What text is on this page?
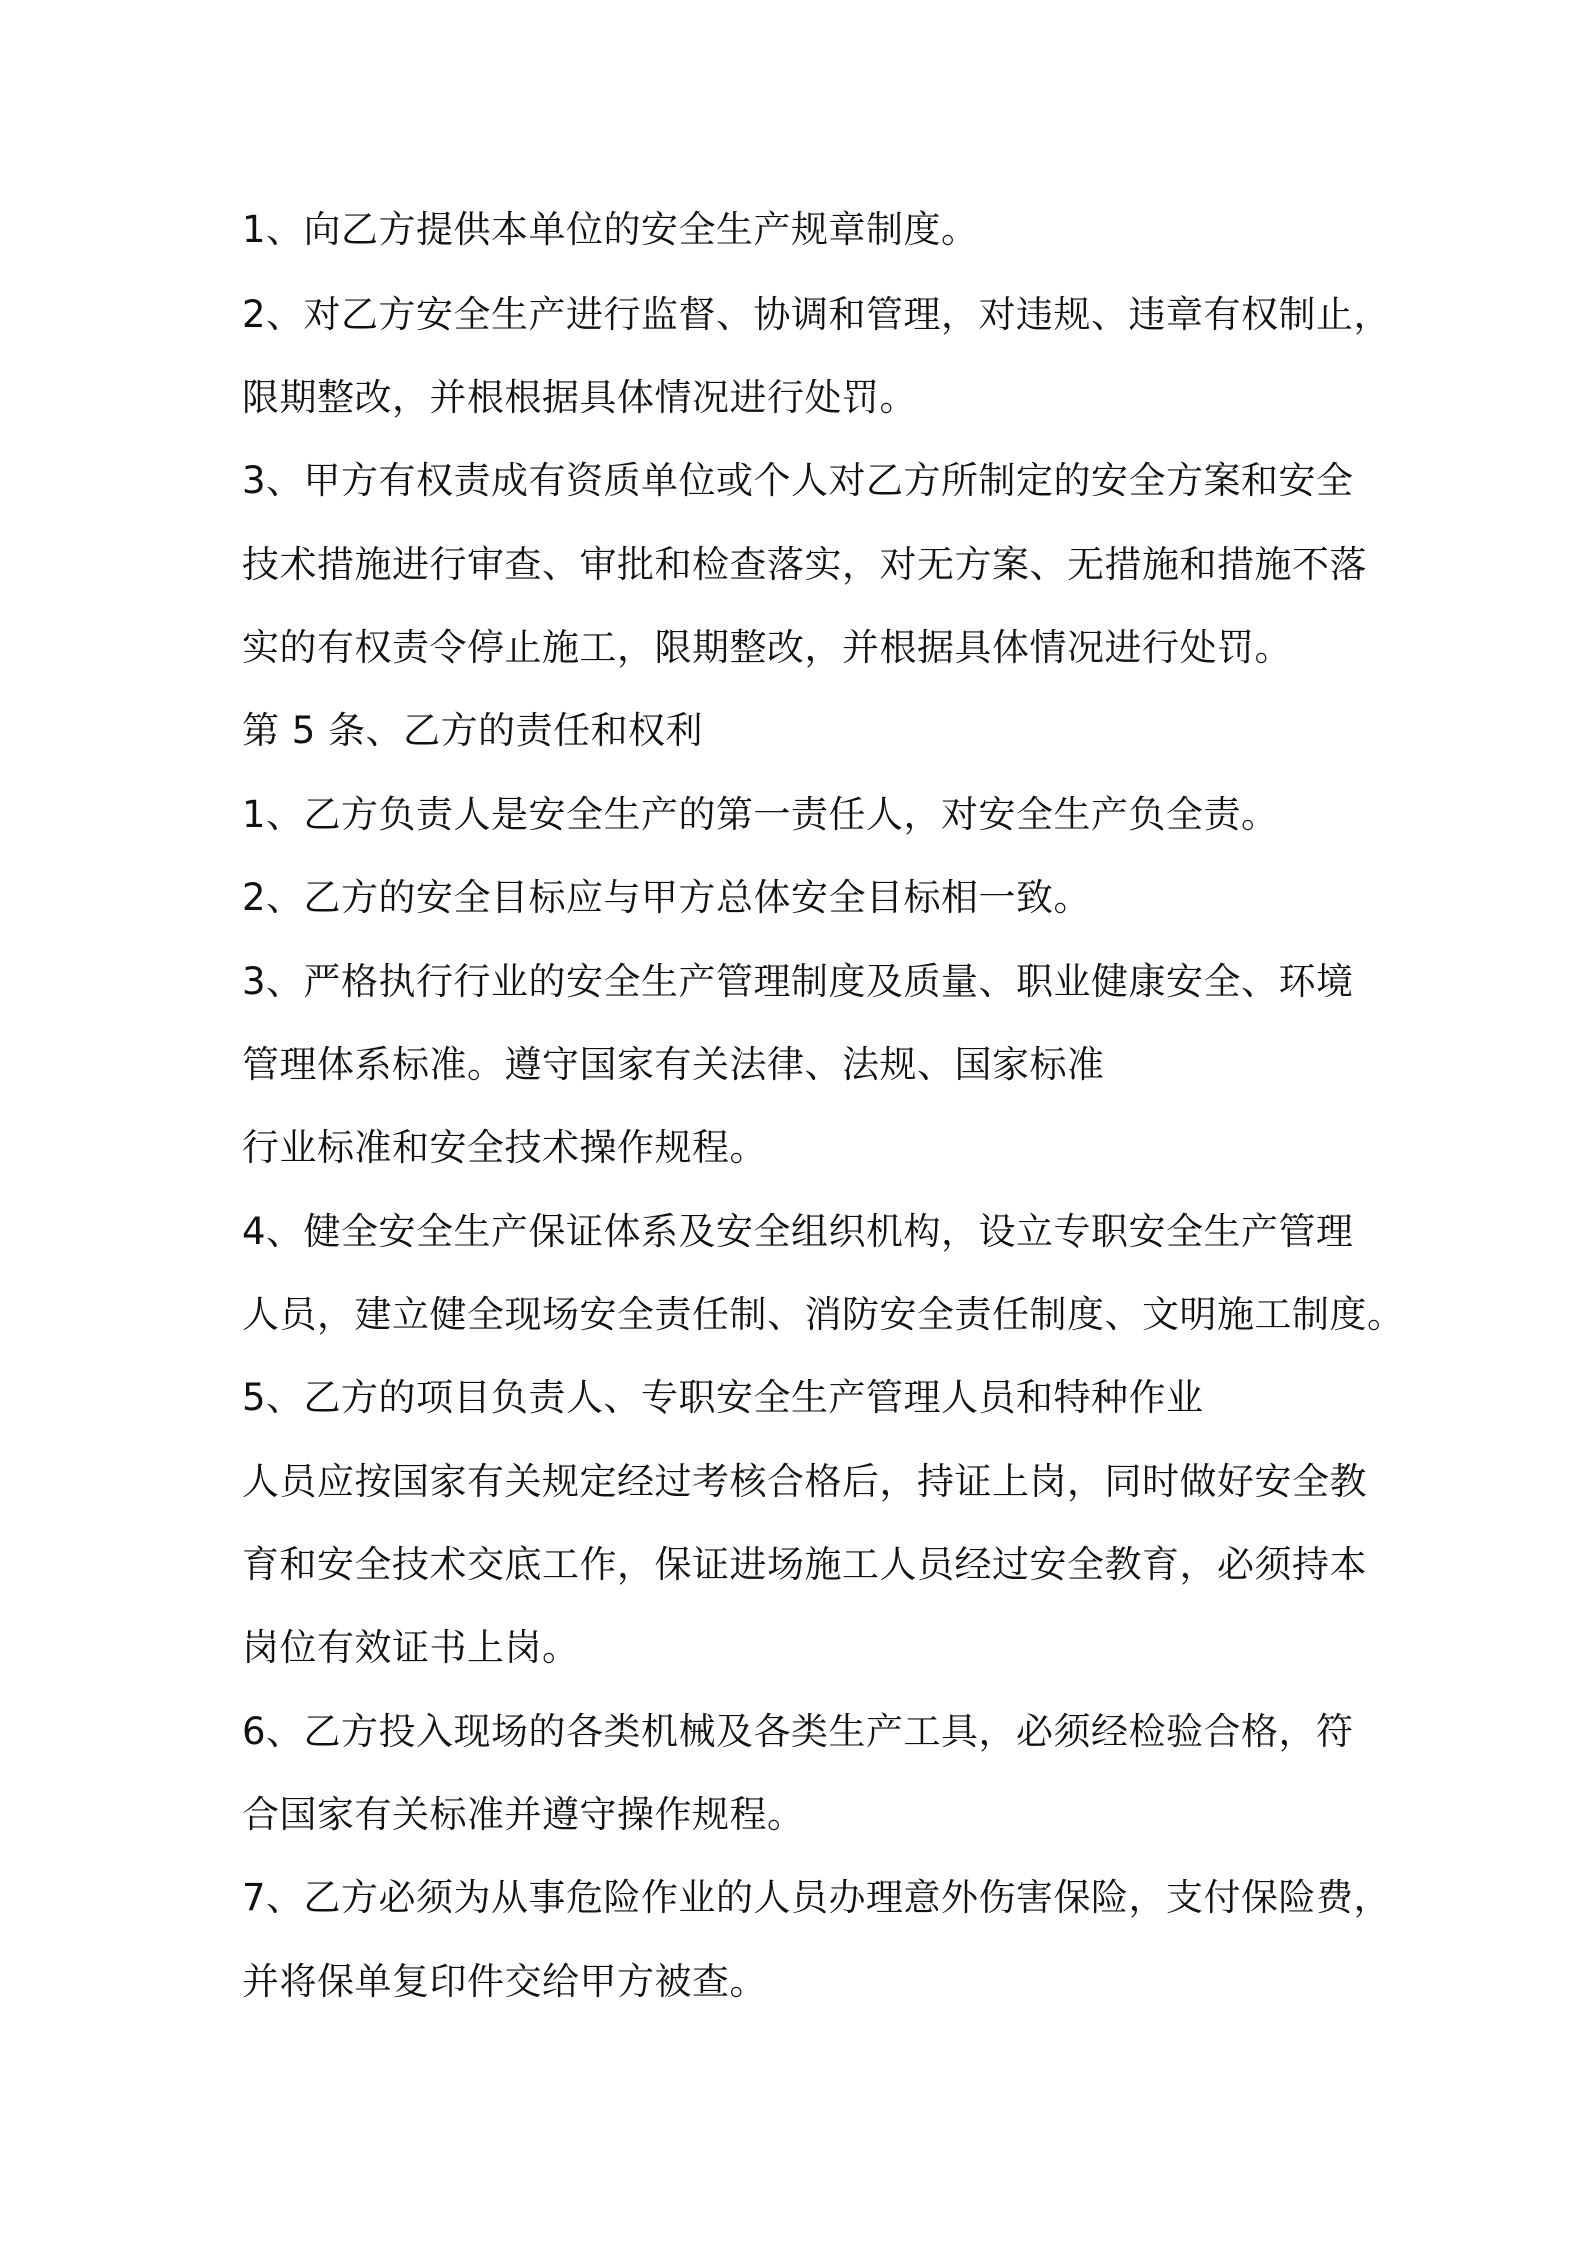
1、向乙方提供本单位的安全生产规章制度。

2、对乙方安全生产进行监督、协调和管理，对违规、违章有权制止，

限期整改，并根根据具体情况进行处罚。

3、甲方有权责成有资质单位或个人对乙方所制定的安全方案和安全

技术措施进行审查、审批和检查落实，对无方案、无措施和措施不落

实的有权责令停止施工，限期整改，并根据具体情况进行处罚。

第 5 条、乙方的责任和权利

1、乙方负责人是安全生产的第一责任人，对安全生产负全责。

2、乙方的安全目标应与甲方总体安全目标相一致。

3、严格执行行业的安全生产管理制度及质量、职业健康安全、环境

管理体系标准。遵守国家有关法律、法规、国家标准

行业标准和安全技术操作规程。

4、健全安全生产保证体系及安全组织机构，设立专职安全生产管理

人员，建立健全现场安全责任制、消防安全责任制度、文明施工制度。

5、乙方的项目负责人、专职安全生产管理人员和特种作业

人员应按国家有关规定经过考核合格后，持证上岗，同时做好安全教

育和安全技术交底工作，保证进场施工人员经过安全教育，必须持本

岗位有效证书上岗。

6、乙方投入现场的各类机械及各类生产工具，必须经检验合格，符

合国家有关标准并遵守操作规程。

7、乙方必须为从事危险作业的人员办理意外伤害保险，支付保险费，

并将保单复印件交给甲方被查。
